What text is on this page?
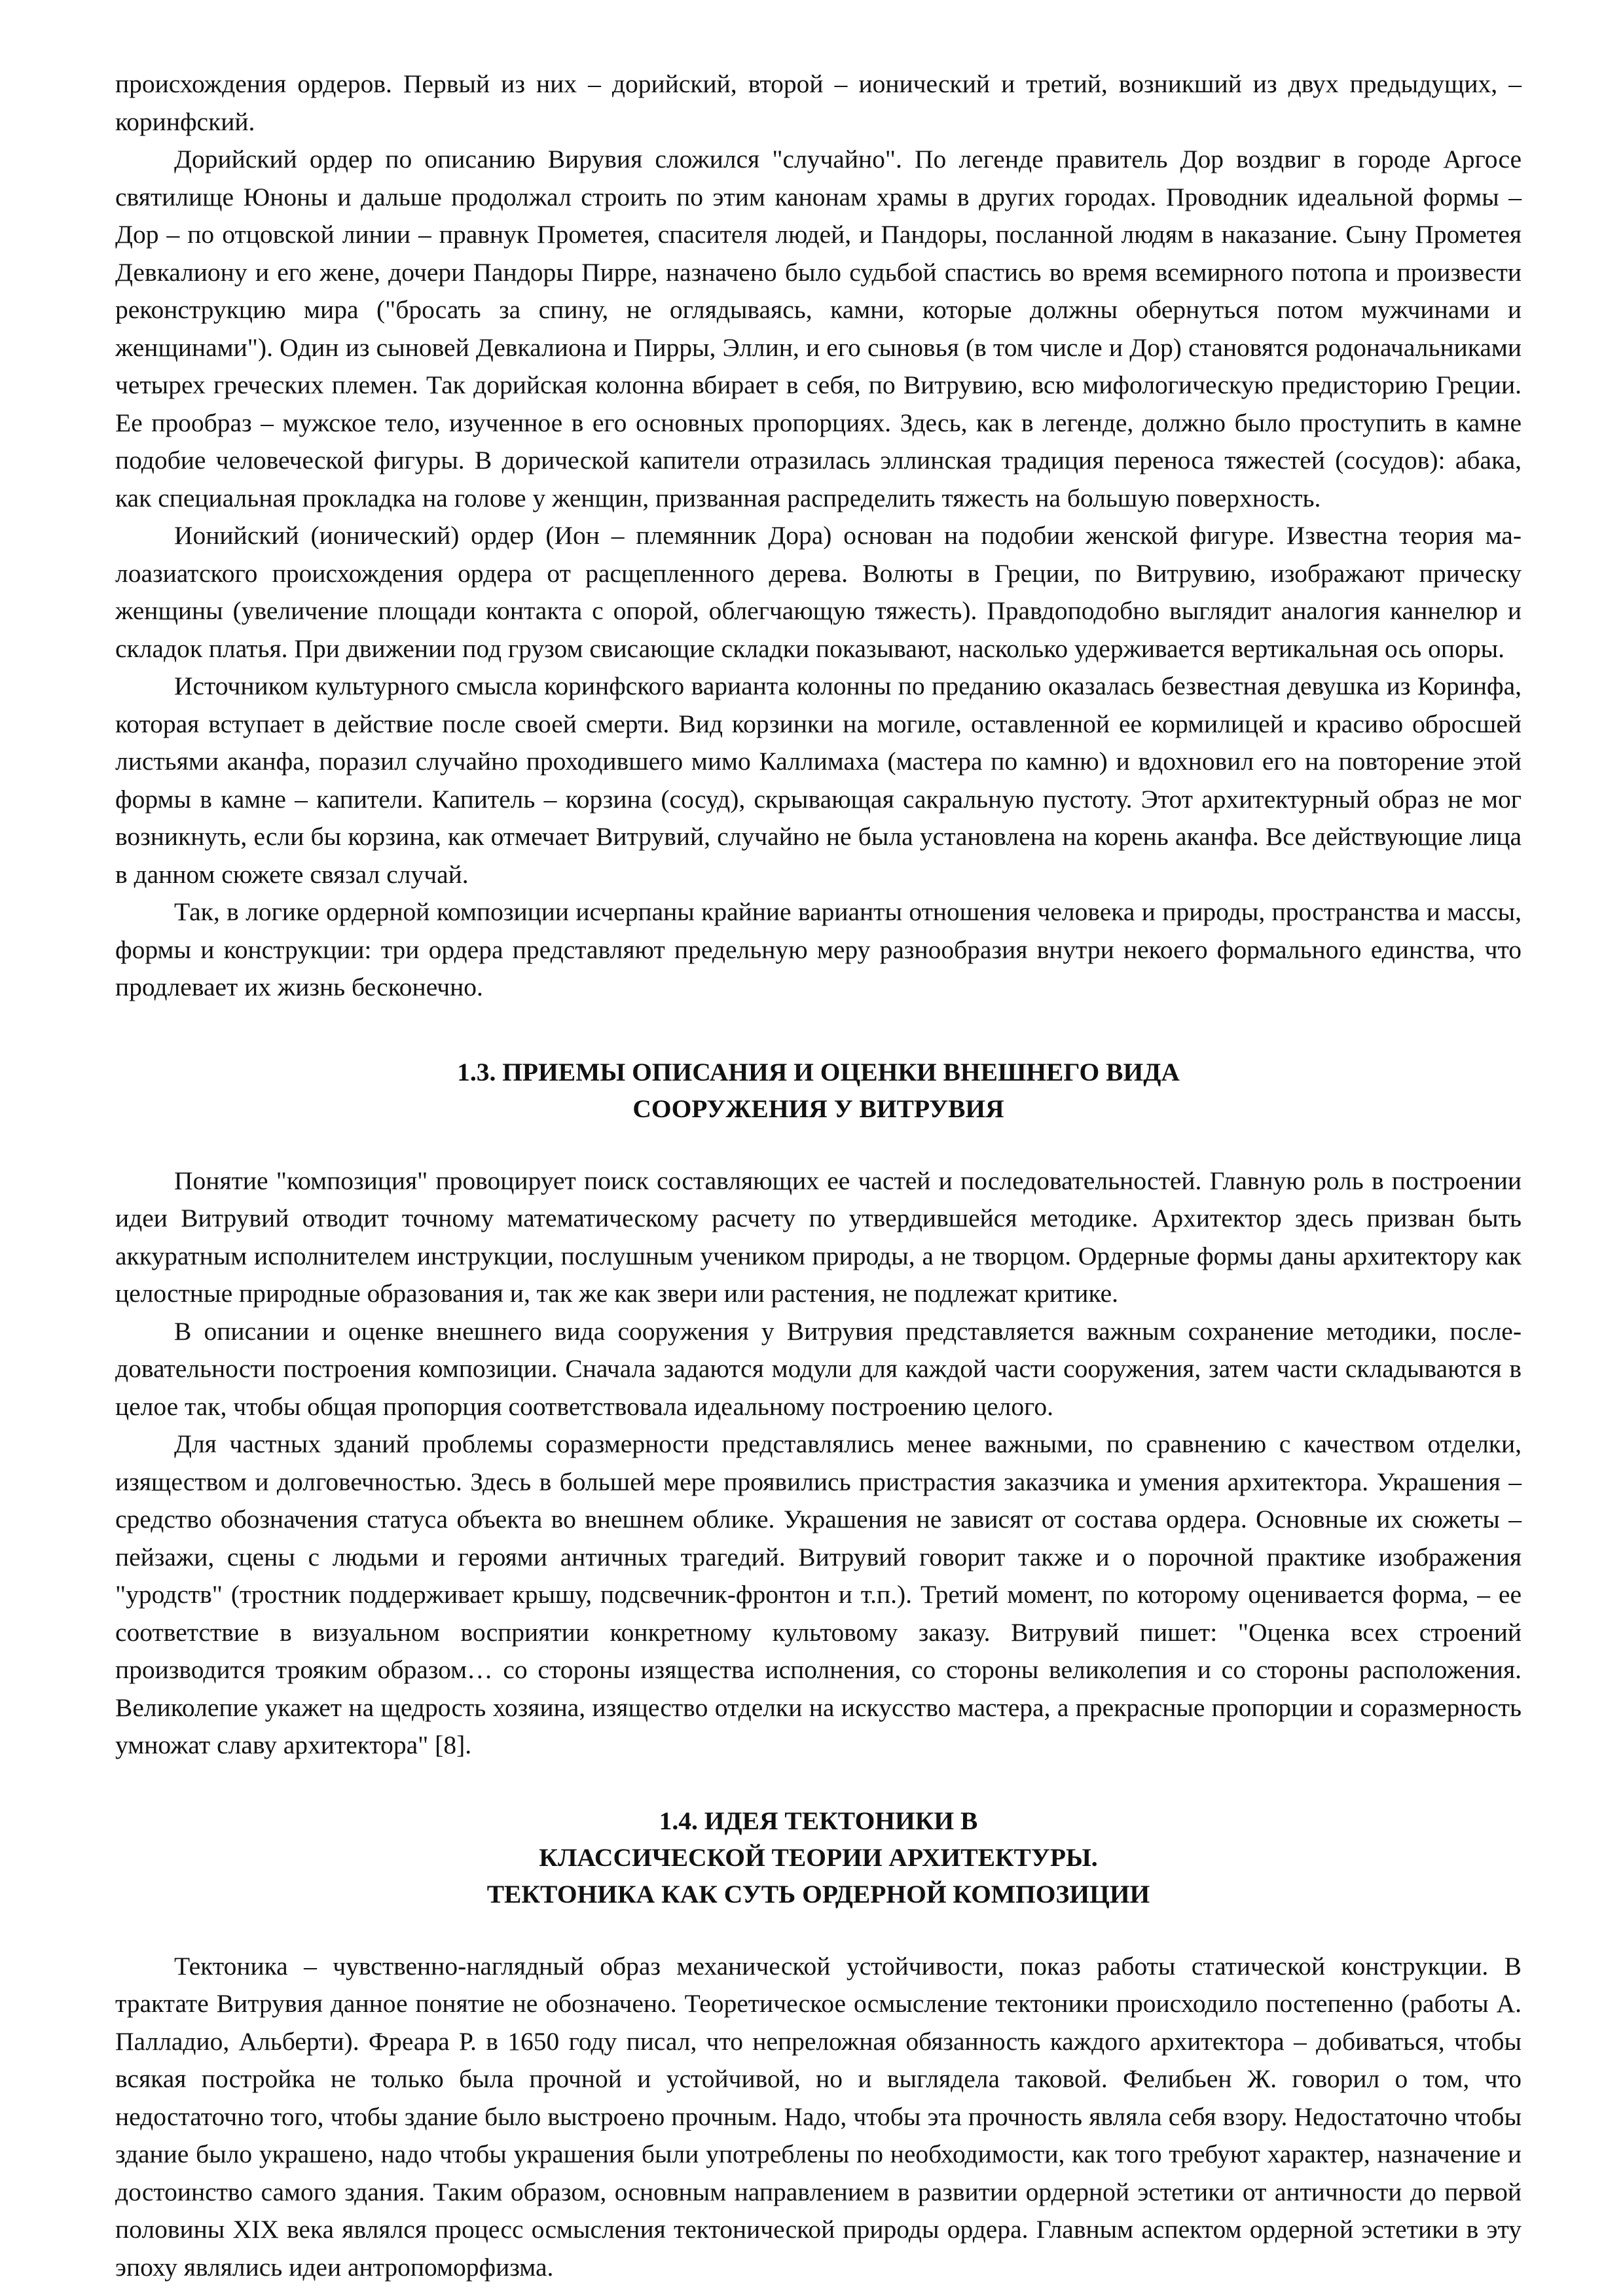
происхождения ордеров. Первый из них – дорийский, второй – ионический и третий, возникший из двух предыдущих, – коринфский.

Дорийский ордер по описанию Вирувия сложился "случайно". По легенде правитель Дор воздвиг в городе Аргосе святилище Юноны и дальше продолжал строить по этим канонам храмы в других городах. Проводник идеальной формы – Дор – по отцовской линии – правнук Прометея, спасителя людей, и Пандоры, посланной людям в наказание. Сыну Прометея Девкалиону и его жене, дочери Пандоры Пирре, назначено было судьбой спастись во время всемирного потопа и произвести реконструкцию мира ("бросать за спину, не оглядываясь, камни, которые должны обернуться потом мужчинами и женщинами"). Один из сыновей Девкалиона и Пирры, Эллин, и его сыновья (в том числе и Дор) становятся родоначальниками четырех греческих племен. Так дорийская колонна вбирает в себя, по Витрувию, всю мифологическую предисторию Греции. Ее прообраз – мужское тело, изученное в его основных пропорциях. Здесь, как в легенде, должно было проступить в камне подобие человеческой фигуры. В дорической капители отразилась эллинская традиция переноса тяжестей (сосудов): абака, как специальная прокладка на голове у женщин, призванная распределить тяжесть на большую поверхность.

Ионийский (ионический) ордер (Ион – племянник Дора) основан на подобии женской фигуре. Известна теория малоазиатского происхождения ордера от расщепленного дерева. Волюты в Греции, по Витрувию, изображают прическу женщины (увеличение площади контакта с опорой, облегчающую тяжесть). Правдоподобно выглядит аналогия каннелюр и складок платья. При движении под грузом свисающие складки показывают, насколько удерживается вертикальная ось опоры.

Источником культурного смысла коринфского варианта колонны по преданию оказалась безвестная девушка из Коринфа, которая вступает в действие после своей смерти. Вид корзинки на могиле, оставленной ее кормилицей и красиво обросшей листьями аканфа, поразил случайно проходившего мимо Каллимаха (мастера по камню) и вдохновил его на повторение этой формы в камне – капители. Капитель – корзина (сосуд), скрывающая сакральную пустоту. Этот архитектурный образ не мог возникнуть, если бы корзина, как отмечает Витрувий, случайно не была установлена на корень аканфа. Все действующие лица в данном сюжете связал случай.

Так, в логике ордерной композиции исчерпаны крайние варианты отношения человека и природы, пространства и массы, формы и конструкции: три ордера представляют предельную меру разнообразия внутри некоего формального единства, что продлевает их жизнь бесконечно.

1.3. ПРИЕМЫ ОПИСАНИЯ И ОЦЕНКИ ВНЕШНЕГО ВИДА
СООРУЖЕНИЯ У ВИТРУВИЯ

Понятие "композиция" провоцирует поиск составляющих ее частей и последовательностей. Главную роль в построении идеи Витрувий отводит точному математическому расчету по утвердившейся методике. Архитектор здесь призван быть аккуратным исполнителем инструкции, послушным учеником природы, а не творцом. Ордерные формы даны архитектору как целостные природные образования и, так же как звери или растения, не подлежат критике.

В описании и оценке внешнего вида сооружения у Витрувия представляется важным сохранение методики, последовательности построения композиции. Сначала задаются модули для каждой части сооружения, затем части складываются в целое так, чтобы общая пропорция соответствовала идеальному построению целого.

Для частных зданий проблемы соразмерности представлялись менее важными, по сравнению с качеством отделки, изяществом и долговечностью. Здесь в большей мере проявились пристрастия заказчика и умения архитектора. Украшения – средство обозначения статуса объекта во внешнем облике. Украшения не зависят от состава ордера. Основные их сюжеты – пейзажи, сцены с людьми и героями античных трагедий. Витрувий говорит также и о порочной практике изображения "уродств" (тростник поддерживает крышу, подсвечник-фронтон и т.п.). Третий момент, по которому оценивается форма, – ее соответствие в визуальном восприятии конкретному культовому заказу. Витрувий пишет: "Оценка всех строений производится трояким образом… со стороны изящества исполнения, со стороны великолепия и со стороны расположения. Великолепие укажет на щедрость хозяина, изящество отделки на искусство мастера, а прекрасные пропорции и соразмерность умножат славу архитектора" [8].

1.4. ИДЕЯ ТЕКТОНИКИ В
КЛАССИЧЕСКОЙ ТЕОРИИ АРХИТЕКТУРЫ.
ТЕКТОНИКА КАК СУТЬ ОРДЕРНОЙ КОМПОЗИЦИИ

Тектоника – чувственно-наглядный образ механической устойчивости, показ работы статической конструкции. В трактате Витрувия данное понятие не обозначено. Теоретическое осмысление тектоники происходило постепенно (работы А. Палладио, Альберти). Фреара Р. в 1650 году писал, что непреложная обязанность каждого архитектора – добиваться, чтобы всякая постройка не только была прочной и устойчивой, но и выглядела таковой. Фелибьен Ж. говорил о том, что недостаточно того, чтобы здание было выстроено прочным. Надо, чтобы эта прочность являла себя взору. Недостаточно чтобы здание было украшено, надо чтобы украшения были употреблены по необходимости, как того требуют характер, назначение и достоинство самого здания. Таким образом, основным направлением в развитии ордерной эстетики от античности до первой половины XIX века являлся процесс осмысления тектонической природы ордера. Главным аспектом ордерной эстетики в эту эпоху являлись идеи антропоморфизма.
